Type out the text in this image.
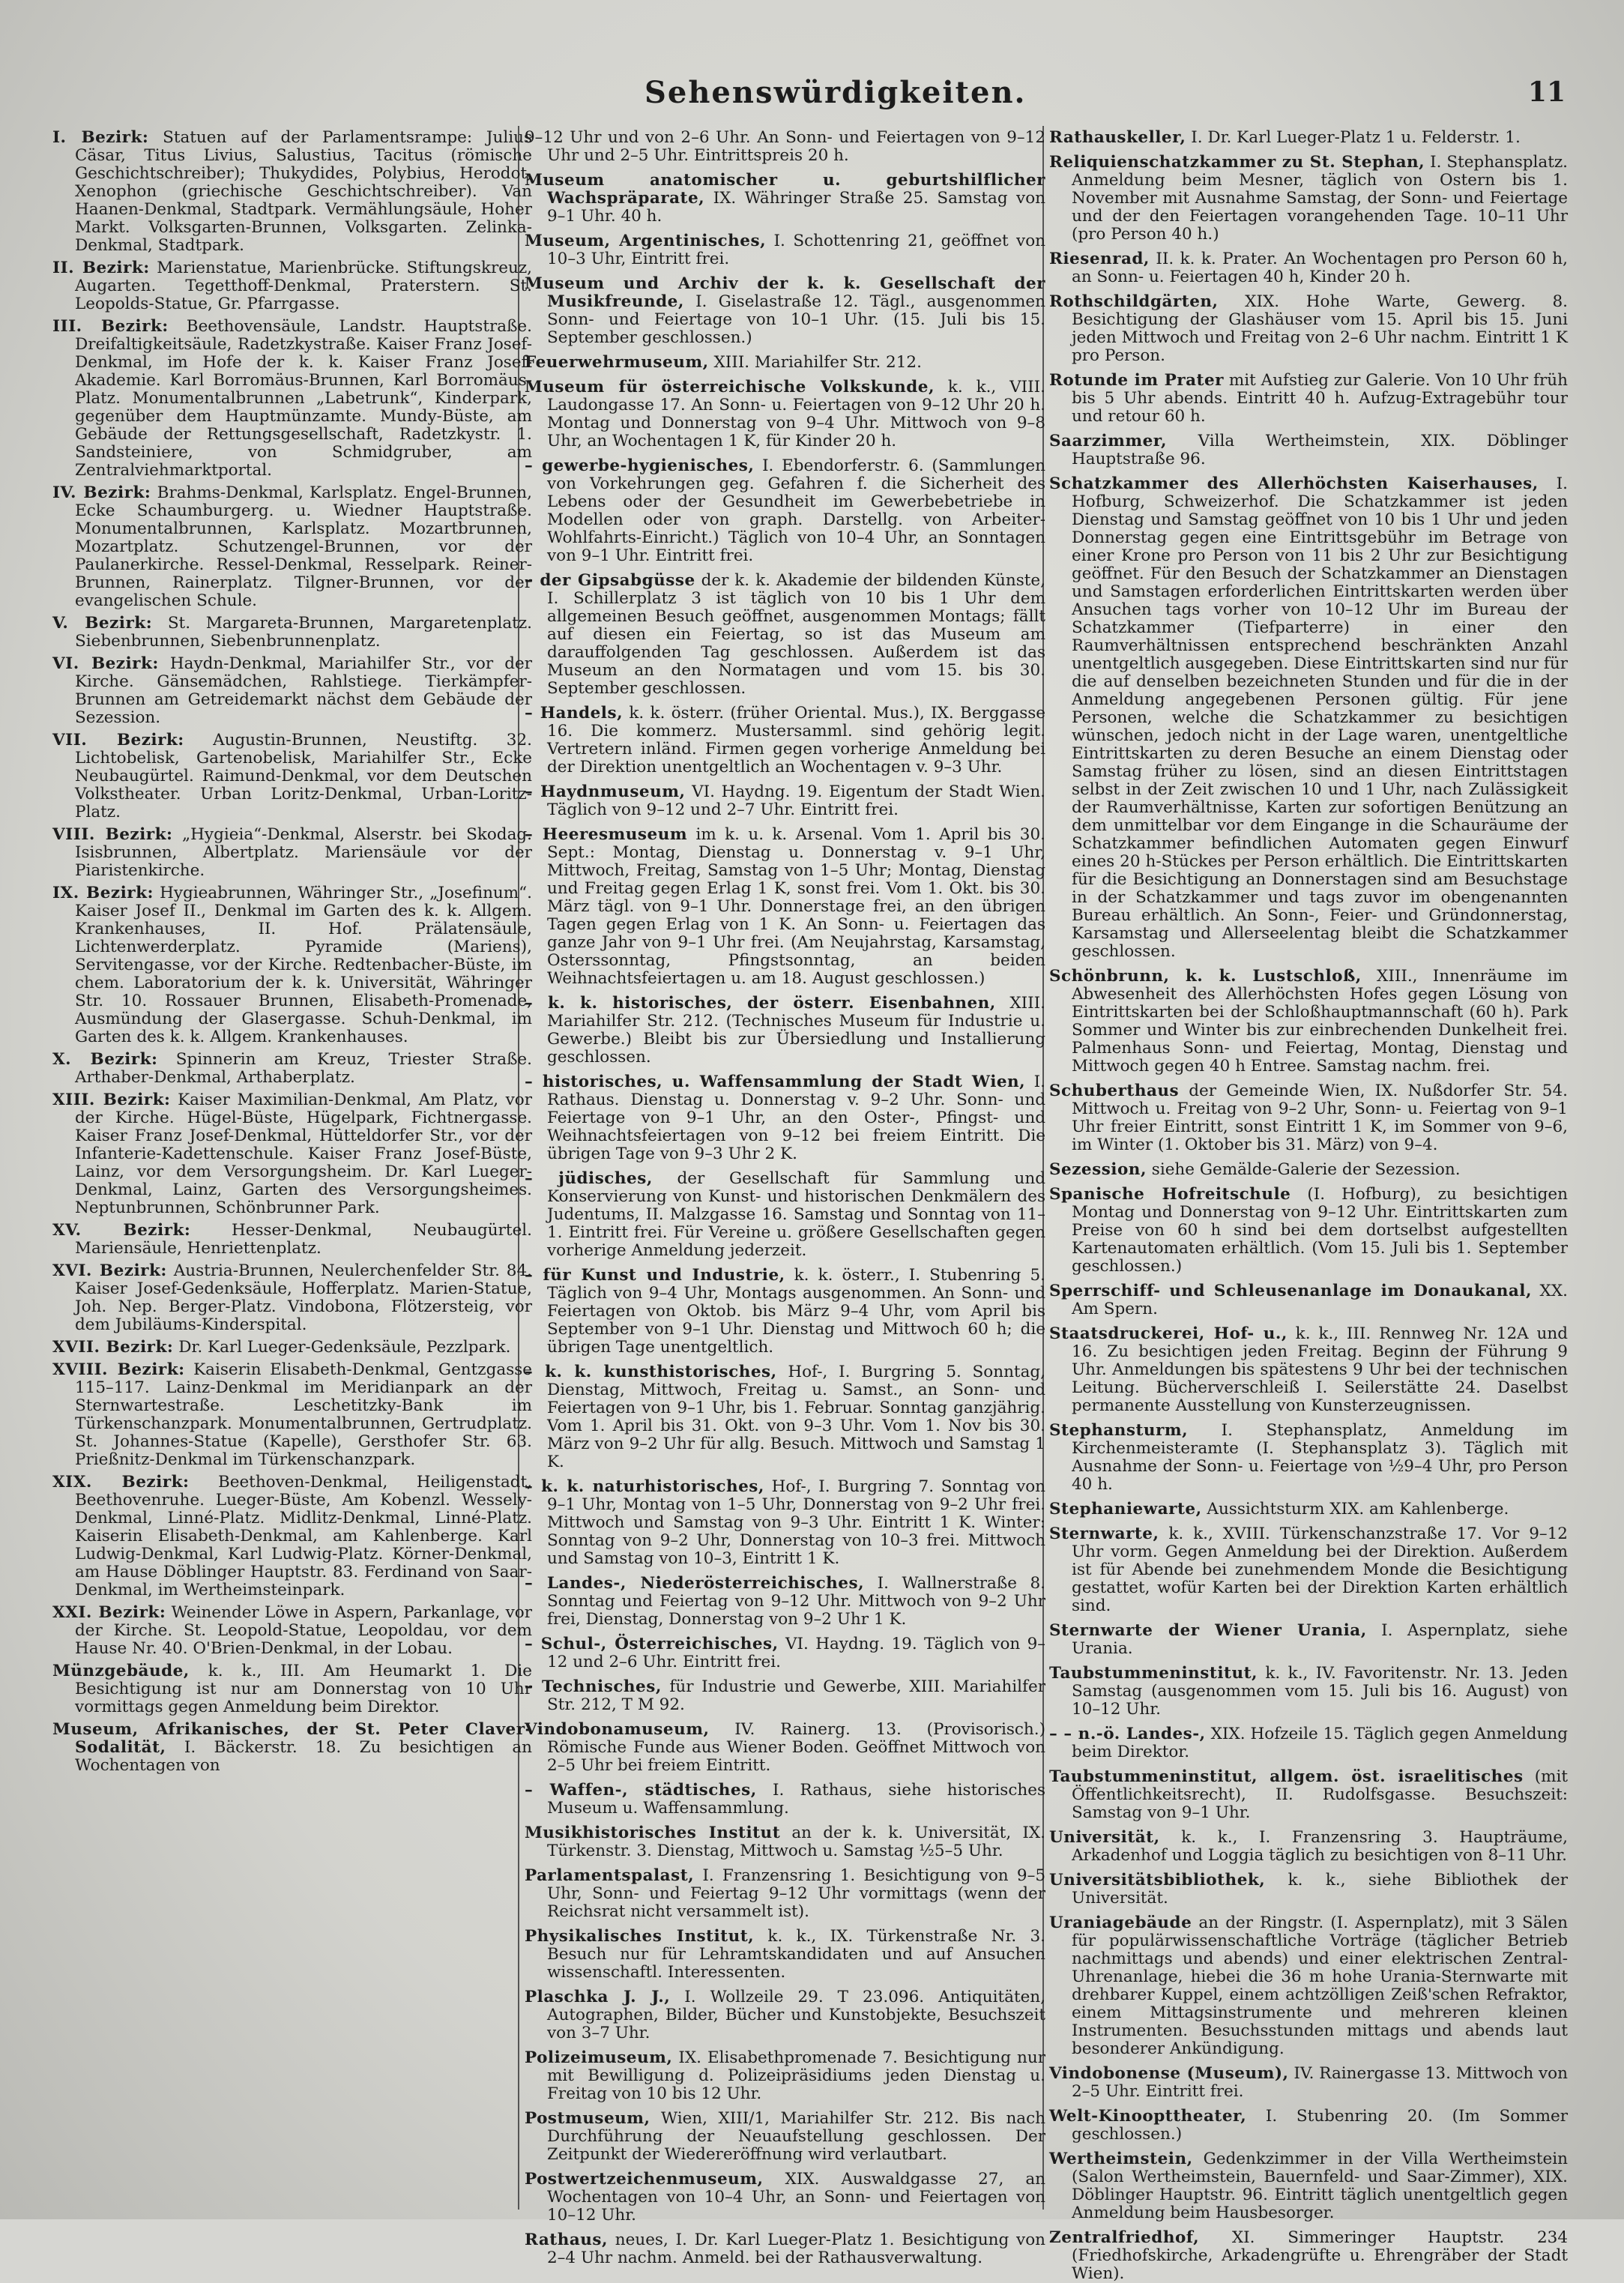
Sehenswürdigkeiten.	11
I. Bezirk: Statuen auf der Parlamentsrampe: Julius Cäsar, Titus Livius, Salustius, Tacitus (römische Geschichtschreiber); Thukydides, Polybius, Herodot, Xenophon (griechische Geschichtschreiber). Van Haanen-Denkmal, Stadtpark. Vermählungsäule, Hoher Markt. Volksgarten-Brunnen, Volksgarten. Zelinka-Denkmal, Stadtpark.
II. Bezirk: Marienstatue, Marienbrücke. Stiftungskreuz, Augarten. Tegetthoff-Denkmal, Praterstern. St. Leopolds-Statue, Gr. Pfarrgasse.
III. Bezirk: Beethovensäule, Landstr. Hauptstraße. Dreifaltigkeitsäule, Radetzkystraße. Kaiser Franz Josef-Denkmal, im Hofe der k. k. Kaiser Franz Josef-Akademie. Karl Borromäus-Brunnen, Karl Borromäus-Platz. Monumentalbrunnen „Labetrunk“, Kinderpark, gegenüber dem Hauptmünzamte. Mundy-Büste, am Gebäude der Rettungsgesellschaft, Radetzkystr. 1. Sandsteiniere, von Schmidgruber, am Zentralviehmarktportal.
IV. Bezirk: Brahms-Denkmal, Karlsplatz. Engel-Brunnen, Ecke Schaumburgerg. u. Wiedner Hauptstraße. Monumentalbrunnen, Karlsplatz. Mozartbrunnen, Mozartplatz. Schutzengel-Brunnen, vor der Paulanerkirche. Ressel-Denkmal, Resselpark. Reiner-Brunnen, Rainerplatz. Tilgner-Brunnen, vor der evangelischen Schule.
V. Bezirk: St. Margareta-Brunnen, Margaretenplatz. Siebenbrunnen, Siebenbrunnenplatz.
VI. Bezirk: Haydn-Denkmal, Mariahilfer Str., vor der Kirche. Gänsemädchen, Rahlstiege. Tierkämpfer-Brunnen am Getreidemarkt nächst dem Gebäude der Sezession.
VII. Bezirk: Augustin-Brunnen, Neustiftg. 32. Lichtobelisk, Gartenobelisk, Mariahilfer Str., Ecke Neubaugürtel. Raimund-Denkmal, vor dem Deutschen Volkstheater. Urban Loritz-Denkmal, Urban-Loritz-Platz.
VIII. Bezirk: „Hygieia“-Denkmal, Alserstr. bei Skodag. Isisbrunnen, Albertplatz. Mariensäule vor der Piaristenkirche.
IX. Bezirk: Hygieabrunnen, Währinger Str., „Josefinum“. Kaiser Josef II., Denkmal im Garten des k. k. Allgem. Krankenhauses, II. Hof. Prälatensäule, Lichtenwerderplatz. Pyramide (Mariens), Servitengasse, vor der Kirche. Redtenbacher-Büste, im chem. Laboratorium der k. k. Universität, Währinger Str. 10. Rossauer Brunnen, Elisabeth-Promenade, Ausmündung der Glasergasse. Schuh-Denkmal, im Garten des k. k. Allgem. Krankenhauses.
X. Bezirk: Spinnerin am Kreuz, Triester Straße. Arthaber-Denkmal, Arthaberplatz.
XIII. Bezirk: Kaiser Maximilian-Denkmal, Am Platz, vor der Kirche. Hügel-Büste, Hügelpark, Fichtnergasse. Kaiser Franz Josef-Denkmal, Hütteldorfer Str., vor der Infanterie-Kadettenschule. Kaiser Franz Josef-Büste, Lainz, vor dem Versorgungsheim. Dr. Karl Lueger-Denkmal, Lainz, Garten des Versorgungsheimes. Neptunbrunnen, Schönbrunner Park.
XV. Bezirk:	Hesser-Denkmal, Neubaugürtel. Mariensäule, Henriettenplatz.
XVI. Bezirk: Austria-Brunnen, Neulerchenfelder Str. 84. Kaiser Josef-Gedenksäule, Hofferplatz. Marien-Statue, Joh. Nep. Berger-Platz. Vindobona, Flötzersteig, vor dem Jubiläums-Kinderspital.
XVII. Bezirk: Dr. Karl Lueger-Gedenksäule, Pezzlpark.
XVIII. Bezirk: Kaiserin Elisabeth-Denkmal, Gentzgasse 115–117. Lainz-Denkmal im Meridianpark an der Sternwartestraße. Leschetitzky-Bank im Türkenschanzpark. Monumentalbrunnen, Gertrudplatz. St. Johannes-Statue (Kapelle), Gersthofer Str. 63. Prießnitz-Denkmal im Türkenschanzpark.
XIX. Bezirk: Beethoven-Denkmal, Heiligenstadt, Beethovenruhe. Lueger-Büste, Am Kobenzl. Wessely-Denkmal, Linné-Platz. Midlitz-Denkmal, Linné-Platz. Kaiserin Elisabeth-Denkmal, am Kahlenberge. Karl Ludwig-Denkmal, Karl Ludwig-Platz. Körner-Denkmal, am Hause Döblinger Hauptstr. 83. Ferdinand von Saar-Denkmal, im Wertheimsteinpark.
XXI. Bezirk: Weinender Löwe in Aspern, Parkanlage, vor der Kirche. St. Leopold-Statue, Leopoldau, vor dem Hause Nr. 40. O'Brien-Denkmal, in der Lobau.
Münzgebäude, k. k., III. Am Heumarkt 1. Die Besichtigung ist nur am Donnerstag von 10 Uhr vormittags gegen Anmeldung beim Direktor.
Museum, Afrikanisches, der St. Peter Claver-Sodalität, I. Bäckerstr. 18. Zu besichtigen an Wochentagen von
9–12 Uhr und von 2–6 Uhr. An Sonn- und Feiertagen von 9–12 Uhr und 2–5 Uhr. Eintrittspreis 20 h.
Museum anatomischer u. geburtshilflicher Wachspräparate, IX. Währinger Straße 25. Samstag von 9–1 Uhr. 40 h.
Museum, Argentinisches, I. Schottenring 21, geöffnet von 10–3 Uhr, Eintritt frei.
Museum und Archiv der k. k. Gesellschaft der Musikfreunde, I. Giselastraße 12. Tägl., ausgenommen Sonn- und Feiertage von 10–1 Uhr. (15. Juli bis 15. September geschlossen.)
Feuerwehrmuseum, XIII. Mariahilfer Str. 212.
Museum für österreichische Volkskunde, k. k., VIII. Laudongasse 17. An Sonn- u. Feiertagen von 9–12 Uhr 20 h. Montag und Donnerstag von 9–4 Uhr. Mittwoch von 9–8 Uhr, an Wochentagen 1 K, für Kinder 20 h.
– gewerbe-hygienisches, I. Ebendorferstr. 6. (Sammlungen von Vorkehrungen geg. Gefahren f. die Sicherheit des Lebens oder der Gesundheit im Gewerbebetriebe in Modellen oder von graph. Darstellg. von Arbeiter-Wohlfahrts-Einricht.) Täglich von 10–4 Uhr, an Sonntagen von 9–1 Uhr. Eintritt frei.
– der Gipsabgüsse der k. k. Akademie der bildenden Künste, I. Schillerplatz 3 ist täglich von 10 bis 1 Uhr dem allgemeinen Besuch geöffnet, ausgenommen Montags; fällt auf diesen ein Feiertag, so ist das Museum am darauffolgenden Tag geschlossen. Außerdem ist das Museum an den Normatagen und vom 15. bis 30. September geschlossen.
– Handels, k. k. österr. (früher Oriental. Mus.), IX. Berggasse 16. Die kommerz. Mustersamml. sind gehörig legit. Vertretern inländ. Firmen gegen vorherige Anmeldung bei der Direktion unentgeltlich an Wochentagen v. 9–3 Uhr.
– Haydnmuseum, VI. Haydng. 19. Eigentum der Stadt Wien. Täglich von 9–12 und 2–7 Uhr. Eintritt frei.
– Heeresmuseum im k. u. k. Arsenal. Vom 1. April bis 30. Sept.: Montag, Dienstag u. Donnerstag v. 9–1 Uhr, Mittwoch, Freitag, Samstag von 1–5 Uhr; Montag, Dienstag und Freitag gegen Erlag 1 K, sonst frei. Vom 1. Okt. bis 30. März tägl. von 9–1 Uhr. Donnerstage frei, an den übrigen Tagen gegen Erlag von 1 K. An Sonn- u. Feiertagen das ganze Jahr von 9–1 Uhr frei. (Am Neujahrstag, Karsamstag, Osterssonntag, Pfingstsonntag, an beiden Weihnachtsfeiertagen u. am 18. August geschlossen.)
– k. k. historisches, der österr. Eisenbahnen, XIII. Mariahilfer Str. 212. (Technisches Museum für Industrie u. Gewerbe.) Bleibt bis zur Übersiedlung und Installierung geschlossen.
– historisches, u. Waffensammlung der Stadt Wien, I. Rathaus. Dienstag u. Donnerstag v. 9–2 Uhr. Sonn- und Feiertage von 9–1 Uhr, an den Oster-, Pfingst- und Weihnachtsfeiertagen von 9–12 bei freiem Eintritt. Die übrigen Tage von 9–3 Uhr 2 K.
– jüdisches, der Gesellschaft für Sammlung und Konservierung von Kunst- und historischen Denkmälern des Judentums, II. Malzgasse 16. Samstag und Sonntag von 11–1. Eintritt frei. Für Vereine u. größere Gesellschaften gegen vorherige Anmeldung jederzeit.
– für Kunst und Industrie, k. k. österr., I. Stubenring 5. Täglich von 9–4 Uhr, Montags ausgenommen. An Sonn- und Feiertagen von Oktob. bis März 9–4 Uhr, vom April bis September von 9–1 Uhr. Dienstag und Mittwoch 60 h; die übrigen Tage unentgeltlich.
– k. k. kunsthistorisches, Hof-, I. Burgring 5. Sonntag, Dienstag, Mittwoch, Freitag u. Samst., an Sonn- und Feiertagen von 9–1 Uhr, bis 1. Februar. Sonntag ganzjährig. Vom 1. April bis 31. Okt. von 9–3 Uhr. Vom 1. Nov bis 30. März von 9–2 Uhr für allg. Besuch. Mittwoch und Samstag 1 K.
– k. k. naturhistorisches, Hof-, I. Burgring 7. Sonntag von 9–1 Uhr, Montag von 1–5 Uhr, Donnerstag von 9–2 Uhr frei. Mittwoch und Samstag von 9–3 Uhr. Eintritt 1 K. Winter: Sonntag von 9–2 Uhr, Donnerstag von 10–3 frei. Mittwoch und Samstag von 10–3, Eintritt 1 K.
– Landes-, Niederösterreichisches, I. Wallnerstraße 8. Sonntag und Feiertag von 9–12 Uhr. Mittwoch von 9–2 Uhr frei, Dienstag, Donnerstag von 9–2 Uhr 1 K.
– Schul-, Österreichisches, VI. Haydng. 19. Täglich von 9–12 und 2–6 Uhr. Eintritt frei.
– Technisches, für Industrie und Gewerbe, XIII. Mariahilfer Str. 212, T M 92.
Vindobonamuseum, IV. Rainerg. 13. (Provisorisch.) Römische Funde aus Wiener Boden. Geöffnet Mittwoch von 2–5 Uhr bei freiem Eintritt.
– Waffen-, städtisches, I. Rathaus, siehe historisches Museum u. Waffensammlung.
Musikhistorisches Institut an der k. k. Universität, IX. Türkenstr. 3. Dienstag, Mittwoch u. Samstag ½5–5 Uhr.
Parlamentspalast, I. Franzensring 1. Besichtigung von 9–5 Uhr, Sonn- und Feiertag 9–12 Uhr vormittags (wenn der Reichsrat nicht versammelt ist).
Physikalisches Institut, k. k., IX. Türkenstraße Nr. 3. Besuch nur für Lehramtskandidaten und auf Ansuchen wissenschaftl. Interessenten.
Plaschka J. J., I. Wollzeile 29. T 23.096. Antiquitäten, Autographen, Bilder, Bücher und Kunstobjekte, Besuchszeit von 3–7 Uhr.
Polizeimuseum, IX. Elisabethpromenade 7. Besichtigung nur mit Bewilligung d. Polizeipräsidiums jeden Dienstag u. Freitag von 10 bis 12 Uhr.
Postmuseum, Wien, XIII/1, Mariahilfer Str. 212. Bis nach Durchführung der Neuaufstellung geschlossen. Der Zeitpunkt der Wiedereröffnung wird verlautbart.
Postwertzeichenmuseum, XIX. Auswaldgasse 27, an Wochentagen von 10–4 Uhr, an Sonn- und Feiertagen von 10–12 Uhr.
Rathaus, neues, I. Dr. Karl Lueger-Platz 1. Besichtigung von 2–4 Uhr nachm. Anmeld. bei der Rathausverwaltung.
Rathauskeller, I. Dr. Karl Lueger-Platz 1 u. Felderstr. 1.
Reliquienschatzkammer zu St. Stephan, I. Stephansplatz. Anmeldung beim Mesner, täglich von Ostern bis 1. November mit Ausnahme Samstag, der Sonn- und Feiertage und der den Feiertagen vorangehenden Tage. 10–11 Uhr (pro Person 40 h.)
Riesenrad, II. k. k. Prater. An Wochentagen pro Person 60 h, an Sonn- u. Feiertagen 40 h, Kinder 20 h.
Rothschildgärten, XIX. Hohe Warte, Gewerg. 8. Besichtigung der Glashäuser vom 15. April bis 15. Juni jeden Mittwoch und Freitag von 2–6 Uhr nachm. Eintritt 1 K pro Person.
Rotunde im Prater mit Aufstieg zur Galerie. Von 10 Uhr früh bis 5 Uhr abends. Eintritt 40 h. Aufzug-Extragebühr tour und retour 60 h.
Saarzimmer, Villa Wertheimstein, XIX. Döblinger Hauptstraße 96.
Schatzkammer des Allerhöchsten Kaiserhauses, I. Hofburg, Schweizerhof. Die Schatzkammer ist jeden Dienstag und Samstag geöffnet von 10 bis 1 Uhr und jeden Donnerstag gegen eine Eintrittsgebühr im Betrage von einer Krone pro Person von 11 bis 2 Uhr zur Besichtigung geöffnet. Für den Besuch der Schatzkammer an Dienstagen und Samstagen erforderlichen Eintrittskarten werden über Ansuchen tags vorher von 10–12 Uhr im Bureau der Schatzkammer (Tiefparterre) in einer den Raumverhältnissen entsprechend beschränkten Anzahl unentgeltlich ausgegeben. Diese Eintrittskarten sind nur für die auf denselben bezeichneten Stunden und für die in der Anmeldung angegebenen Personen gültig. Für jene Personen, welche die Schatzkammer zu besichtigen wünschen, jedoch nicht in der Lage waren, unentgeltliche Eintrittskarten zu deren Besuche an einem Dienstag oder Samstag früher zu lösen, sind an diesen Eintrittstagen selbst in der Zeit zwischen 10 und 1 Uhr, nach Zulässigkeit der Raumverhältnisse, Karten zur sofortigen Benützung an dem unmittelbar vor dem Eingange in die Schauräume der Schatzkammer befindlichen Automaten gegen Einwurf eines 20 h-Stückes per Person erhältlich. Die Eintrittskarten für die Besichtigung an Donnerstagen sind am Besuchstage in der Schatzkammer und tags zuvor im obengenannten Bureau erhältlich. An Sonn-, Feier- und Gründonnerstag, Karsamstag und Allerseelentag bleibt die Schatzkammer geschlossen.
Schönbrunn, k. k. Lustschloß, XIII., Innenräume im Abwesenheit des Allerhöchsten Hofes gegen Lösung von Eintrittskarten bei der Schloßhauptmannschaft (60 h). Park Sommer und Winter bis zur einbrechenden Dunkelheit frei. Palmenhaus Sonn- und Feiertag, Montag, Dienstag und Mittwoch gegen 40 h Entree. Samstag nachm. frei.
Schuberthaus der Gemeinde Wien, IX. Nußdorfer Str. 54. Mittwoch u. Freitag von 9–2 Uhr, Sonn- u. Feiertag von 9–1 Uhr freier Eintritt, sonst Eintritt 1 K, im Sommer von 9–6, im Winter (1. Oktober bis 31. März) von 9–4.
Sezession, siehe Gemälde-Galerie der Sezession.
Spanische Hofreitschule (I. Hofburg), zu besichtigen Montag und Donnerstag von 9–12 Uhr. Eintrittskarten zum Preise von 60 h sind bei dem dortselbst aufgestellten Kartenautomaten erhältlich. (Vom 15. Juli bis 1. September geschlossen.)
Sperrschiff- und Schleusenanlage im Donaukanal, XX. Am Spern.
Staatsdruckerei, Hof- u., k. k., III. Rennweg Nr. 12A und 16. Zu besichtigen jeden Freitag. Beginn der Führung 9 Uhr. Anmeldungen bis spätestens 9 Uhr bei der technischen Leitung. Bücherverschleiß I. Seilerstätte 24. Daselbst permanente Ausstellung von Kunsterzeugnissen.
Stephansturm, I. Stephansplatz, Anmeldung im Kirchenmeisteramte (I. Stephansplatz 3). Täglich mit Ausnahme der Sonn- u. Feiertage von ½9–4 Uhr, pro Person 40 h.
Stephaniewarte, Aussichtsturm XIX. am Kahlenberge.
Sternwarte, k. k., XVIII. Türkenschanzstraße 17. Vor 9–12 Uhr vorm. Gegen Anmeldung bei der Direktion. Außerdem ist für Abende bei zunehmendem Monde die Besichtigung gestattet, wofür Karten bei der Direktion Karten erhältlich sind.
Sternwarte der Wiener Urania, I. Aspernplatz, siehe Urania.
Taubstummeninstitut, k. k., IV. Favoritenstr. Nr. 13. Jeden Samstag (ausgenommen vom 15. Juli bis 16. August) von 10–12 Uhr.
– – n.-ö. Landes-, XIX. Hofzeile 15. Täglich gegen Anmeldung beim Direktor.
Taubstummeninstitut, allgem. öst. israelitisches (mit Öffentlichkeitsrecht), II. Rudolfsgasse. Besuchszeit: Samstag von 9–1 Uhr.
Universität, k. k., I. Franzensring 3. Haupträume, Arkadenhof und Loggia täglich zu besichtigen von 8–11 Uhr.
Universitätsbibliothek, k. k., siehe Bibliothek der Universität.
Uraniagebäude an der Ringstr. (I. Aspernplatz), mit 3 Sälen für populärwissenschaftliche Vorträge (täglicher Betrieb nachmittags und abends) und einer elektrischen Zentral-Uhrenanlage, hiebei die 36 m hohe Urania-Sternwarte mit drehbarer Kuppel, einem achtzölligen Zeiß'schen Refraktor, einem Mittagsinstrumente und mehreren kleinen Instrumenten. Besuchsstunden mittags und abends laut besonderer Ankündigung.
Vindobonense (Museum), IV. Rainergasse 13. Mittwoch von 2–5 Uhr. Eintritt frei.
Welt-Kinoopttheater, I. Stubenring 20. (Im Sommer geschlossen.)
Wertheimstein, Gedenkzimmer in der Villa Wertheimstein (Salon Wertheimstein, Bauernfeld- und Saar-Zimmer), XIX. Döblinger Hauptstr. 96. Eintritt täglich unentgeltlich gegen Anmeldung beim Hausbesorger.
Zentralfriedhof, XI. Simmeringer Hauptstr. 234 (Friedhofskirche, Arkadengrüfte u. Ehrengräber der Stadt Wien).
